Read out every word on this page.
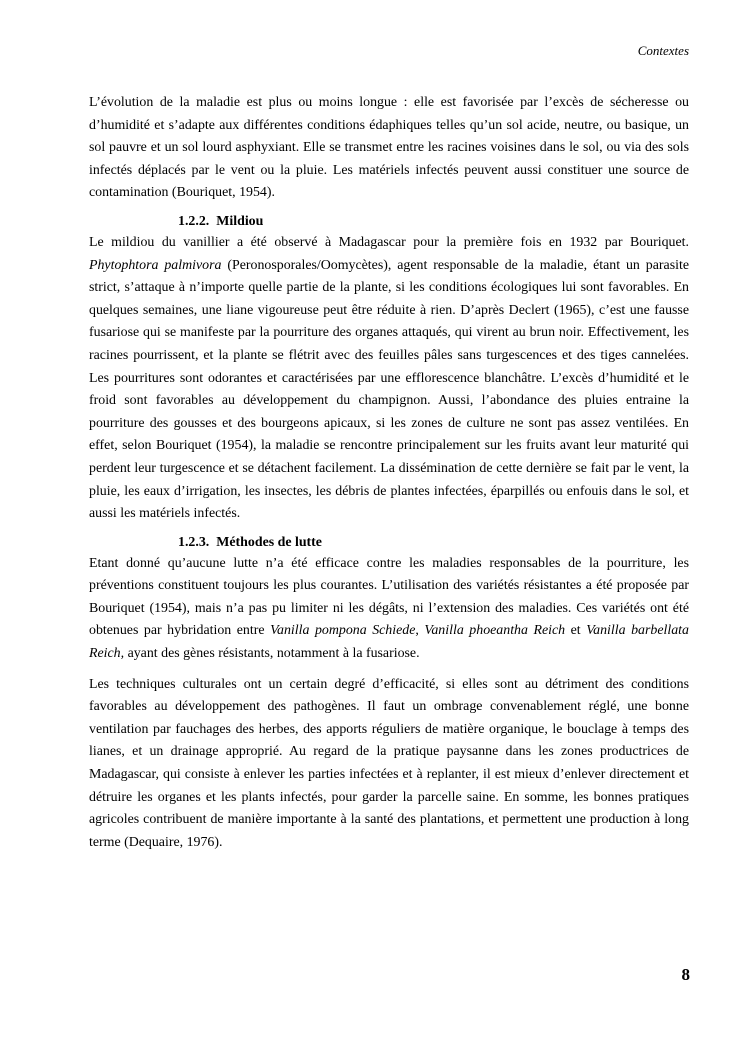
Contextes

L’évolution de la maladie est plus ou moins longue : elle est favorisée par l’excès de sécheresse ou d’humidité et s’adapte aux différentes conditions édaphiques telles qu’un sol acide, neutre, ou basique, un sol pauvre et un sol lourd asphyxiant. Elle se transmet entre les racines voisines dans le sol, ou via des sols infectés déplacés par le vent ou la pluie. Les matériels infectés peuvent aussi constituer une source de contamination (Bouriquet, 1954).

1.2.2. Mildiou

Le mildiou du vanillier a été observé à Madagascar pour la première fois en 1932 par Bouriquet. Phytophtora palmivora (Peronosporales/Oomycètes), agent responsable de la maladie, étant un parasite strict, s’attaque à n’importe quelle partie de la plante, si les conditions écologiques lui sont favorables. En quelques semaines, une liane vigoureuse peut être réduite à rien. D’après Declert (1965), c’est une fausse fusariose qui se manifeste par la pourriture des organes attaqués, qui virent au brun noir. Effectivement, les racines pourrissent, et la plante se flétrit avec des feuilles pâles sans turgescences et des tiges cannelées. Les pourritures sont odorantes et caractérisées par une efflorescence blanchâtre. L’excès d’humidité et le froid sont favorables au développement du champignon. Aussi, l’abondance des pluies entraine la pourriture des gousses et des bourgeons apicaux, si les zones de culture ne sont pas assez ventilées. En effet, selon Bouriquet (1954), la maladie se rencontre principalement sur les fruits avant leur maturité qui perdent leur turgescence et se détachent facilement. La dissémination de cette dernière se fait par le vent, la pluie, les eaux d’irrigation, les insectes, les débris de plantes infectées, éparpillés ou enfouis dans le sol, et aussi les matériels infectés.

1.2.3. Méthodes de lutte

Etant donné qu’aucune lutte n’a été efficace contre les maladies responsables de la pourriture, les préventions constituent toujours les plus courantes. L’utilisation des variétés résistantes a été proposée par Bouriquet (1954), mais n’a pas pu limiter ni les dégâts, ni l’extension des maladies. Ces variétés ont été obtenues par hybridation entre Vanilla pompona Schiede, Vanilla phoeantha Reich et Vanilla barbellata Reich, ayant des gènes résistants, notamment à la fusariose.

Les techniques culturales ont un certain degré d’efficacité, si elles sont au détriment des conditions favorables au développement des pathogènes. Il faut un ombrage convenablement réglé, une bonne ventilation par fauchages des herbes, des apports réguliers de matière organique, le bouclage à temps des lianes, et un drainage approprié. Au regard de la pratique paysanne dans les zones productrices de Madagascar, qui consiste à enlever les parties infectées et à replanter, il est mieux d’enlever directement et détruire les organes et les plants infectés, pour garder la parcelle saine. En somme, les bonnes pratiques agricoles contribuent de manière importante à la santé des plantations, et permettent une production à long terme (Dequaire, 1976).

8
